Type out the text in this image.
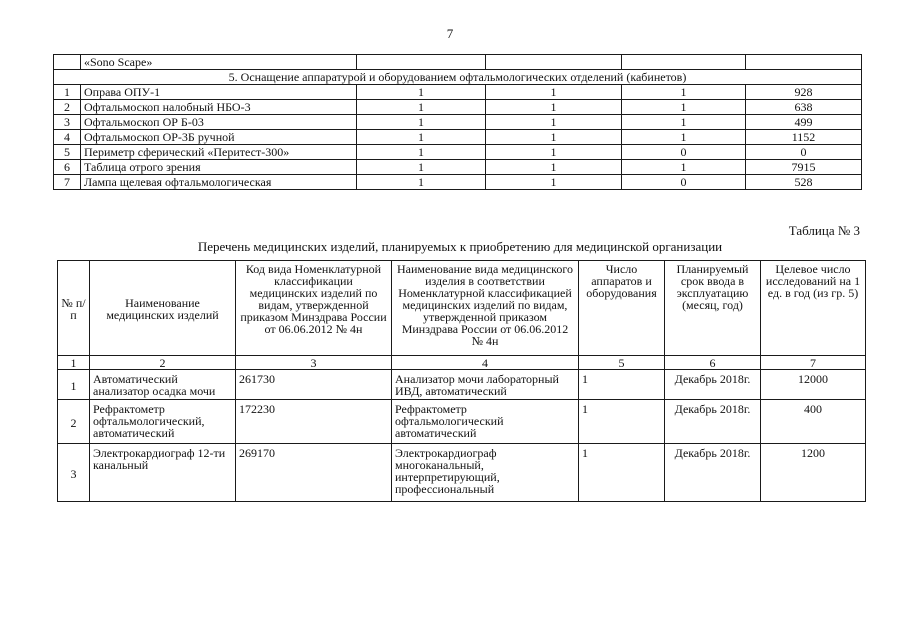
7
	«Sono Scape»				
5. Оснащение аппаратурой и оборудованием офтальмологических отделений (кабинетов)					
1	Оправа ОПУ-1	1	1	1	928
2	Офтальмоскоп налобный НБО-3	1	1	1	638
3	Офтальмоскоп ОР Б-03	1	1	1	499
4	Офтальмоскоп ОР-3Б ручной	1	1	1	1152
5	Периметр сферический «Перитест-300»	1	1	0	0
6	Таблица отрого зрения	1	1	1	7915
7	Лампа щелевая офтальмологическая	1	1	0	528
Таблица № 3
Перечень медицинских изделий, планируемых к приобретению для медицинской организации
№ п/п	Наименование медицинских изделий	Код вида Номенклатурной классификации медицинских изделий по видам, утвержденной приказом Минздрава России от 06.06.2012 № 4н	Наименование вида медицинского изделия в соответствии Номенклатурной классификацией медицинских изделий по видам, утвержденной приказом Минздрава России от 06.06.2012 № 4н	Число аппаратов и оборудования	Планируемый срок ввода в эксплуатацию (месяц, год)	Целевое число исследований на 1 ед. в год (из гр. 5)
1	2	3	4	5	6	7
1	Автоматический анализатор осадка мочи	261730	Анализатор мочи лабораторный ИВД, автоматический	1	Декабрь 2018г.	12000
2	Рефрактометр офтальмологический, автоматический	172230	Рефрактометр офтальмологический автоматический	1	Декабрь 2018г.	400
3	Электрокардиограф 12-ти канальный	269170	Электрокардиограф многоканальный, интерпретирующий, профессиональный	1	Декабрь 2018г.	1200
